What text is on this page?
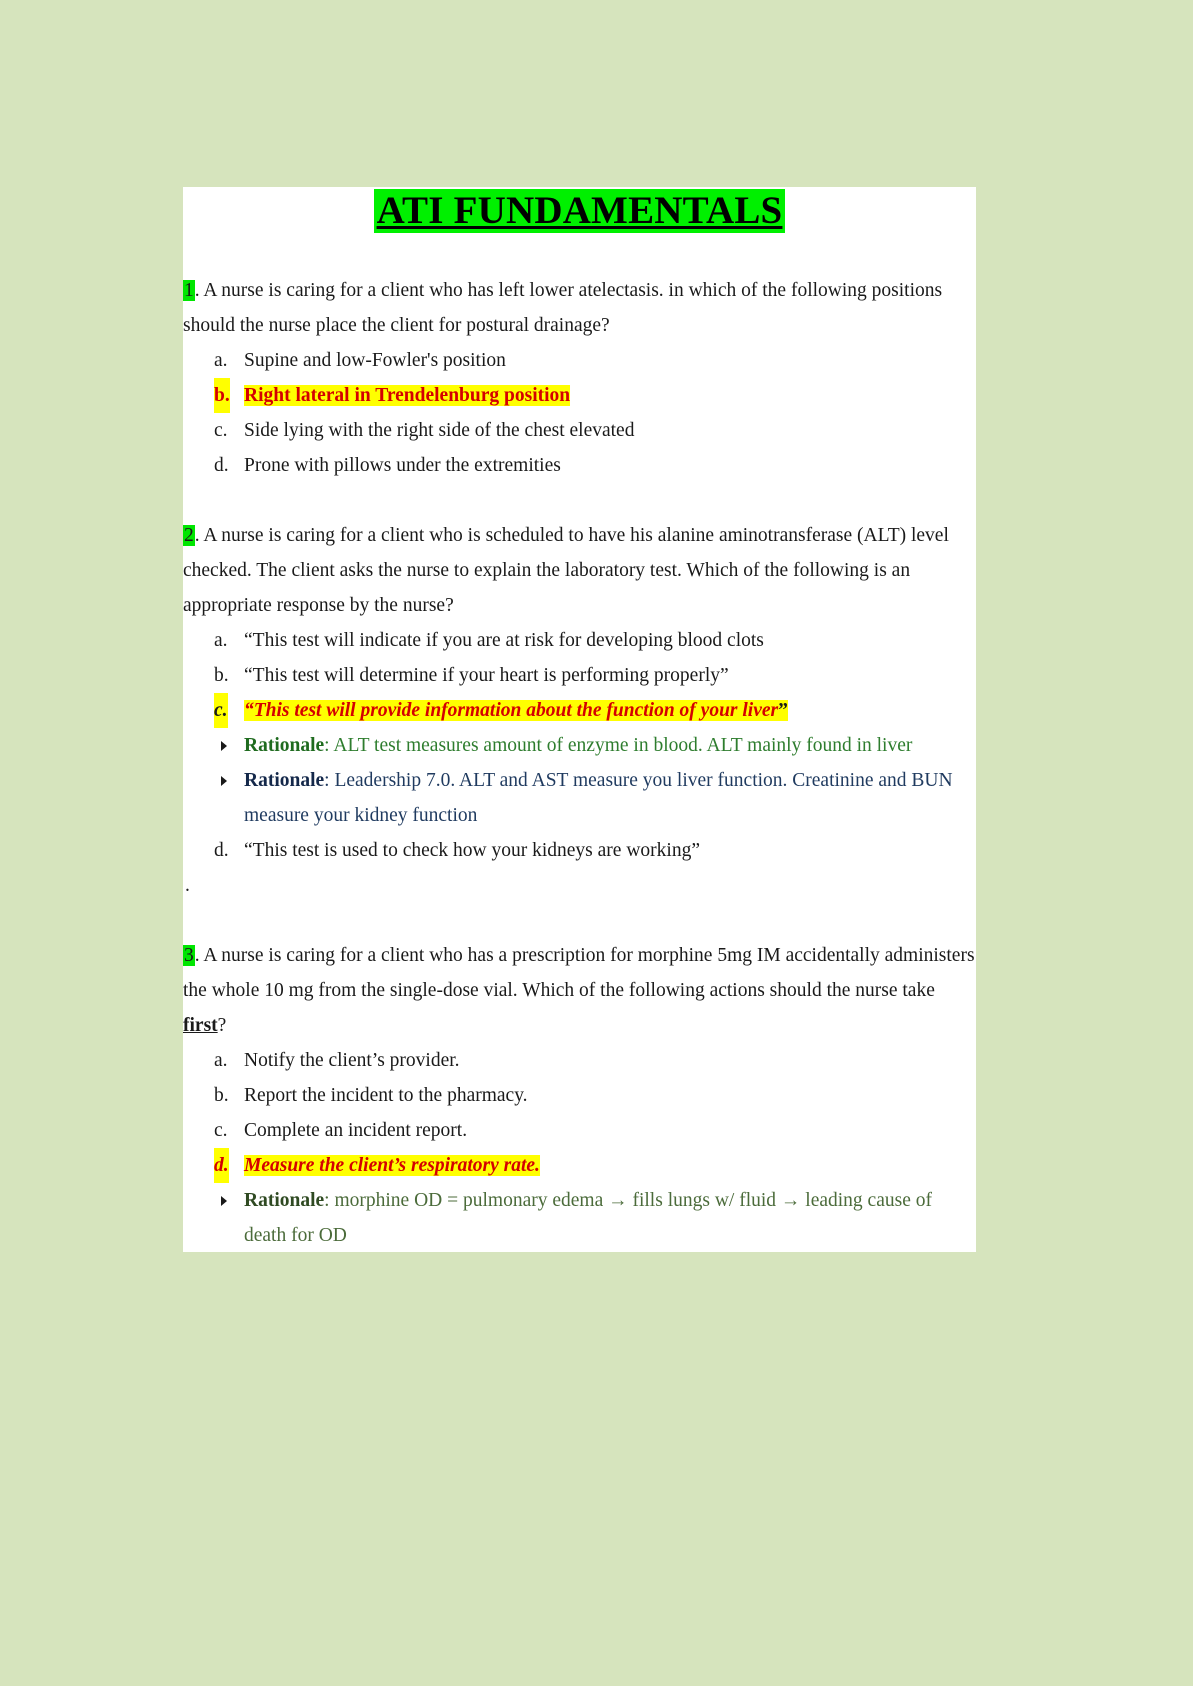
ATI FUNDAMENTALS
1. A nurse is caring for a client who has left lower atelectasis. in which of the following positions should the nurse place the client for postural drainage?
a. Supine and low-Fowler's position
b. Right lateral in Trendelenburg position
c. Side lying with the right side of the chest elevated
d. Prone with pillows under the extremities
2. A nurse is caring for a client who is scheduled to have his alanine aminotransferase (ALT) level checked. The client asks the nurse to explain the laboratory test. Which of the following is an appropriate response by the nurse?
a. “This test will indicate if you are at risk for developing blood clots
b. “This test will determine if your heart is performing properly”
c. “This test will provide information about the function of your liver”
Rationale: ALT test measures amount of enzyme in blood. ALT mainly found in liver
Rationale: Leadership 7.0. ALT and AST measure you liver function. Creatinine and BUN measure your kidney function
d. “This test is used to check how your kidneys are working”
.
3. A nurse is caring for a client who has a prescription for morphine 5mg IM accidentally administers the whole 10 mg from the single-dose vial. Which of the following actions should the nurse take first?
a. Notify the client’s provider.
b. Report the incident to the pharmacy.
c. Complete an incident report.
d. Measure the client’s respiratory rate.
Rationale: morphine OD = pulmonary edema → fills lungs w/ fluid → leading cause of death for OD
